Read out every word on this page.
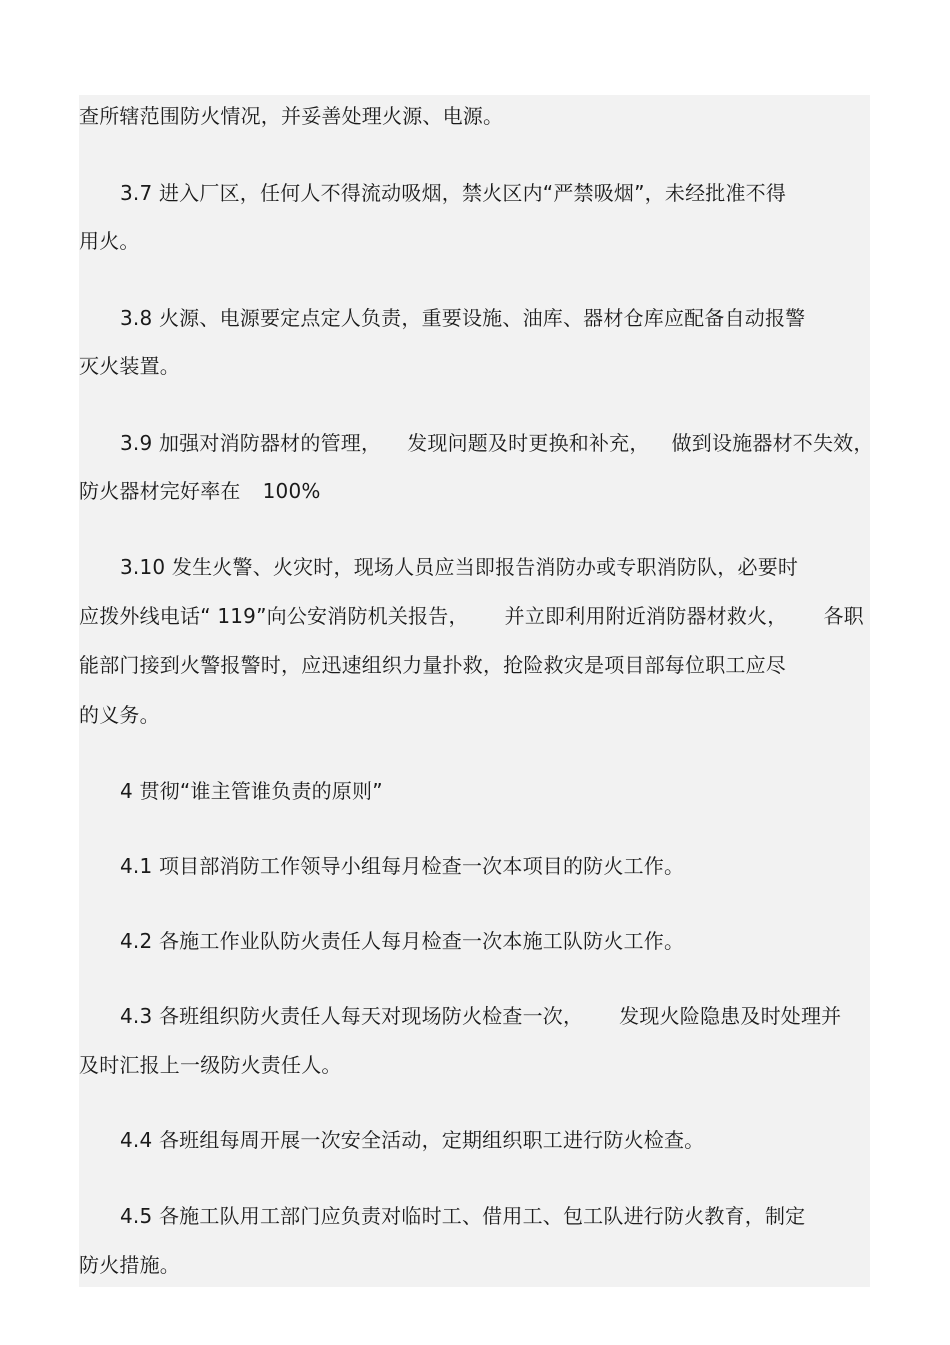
查所辖范围防火情况，并妥善处理火源、电源。
3.7 进入厂区，任何人不得流动吸烟，禁火区内“严禁吸烟”，未经批准不得
用火。
3.8 火源、电源要定点定人负责，重要设施、油库、器材仓库应配备自动报警
灭火装置。
3.9 加强对消防器材的管理， 发现问题及时更换和补充， 做到设施器材不失效，
防火器材完好率在 100%
3.10 发生火警、火灾时，现场人员应当即报告消防办或专职消防队，必要时
应拨外线电话“ 119”向公安消防机关报告， 并立即利用附近消防器材救火， 各职
能部门接到火警报警时，应迅速组织力量扑救，抢险救灾是项目部每位职工应尽
的义务。
4 贯彻“谁主管谁负责的原则”
4.1 项目部消防工作领导小组每月检查一次本项目的防火工作。
4.2 各施工作业队防火责任人每月检查一次本施工队防火工作。
4.3 各班组织防火责任人每天对现场防火检查一次， 发现火险隐患及时处理并
及时汇报上一级防火责任人。
4.4 各班组每周开展一次安全活动，定期组织职工进行防火检查。
4.5 各施工队用工部门应负责对临时工、借用工、包工队进行防火教育，制定
防火措施。
